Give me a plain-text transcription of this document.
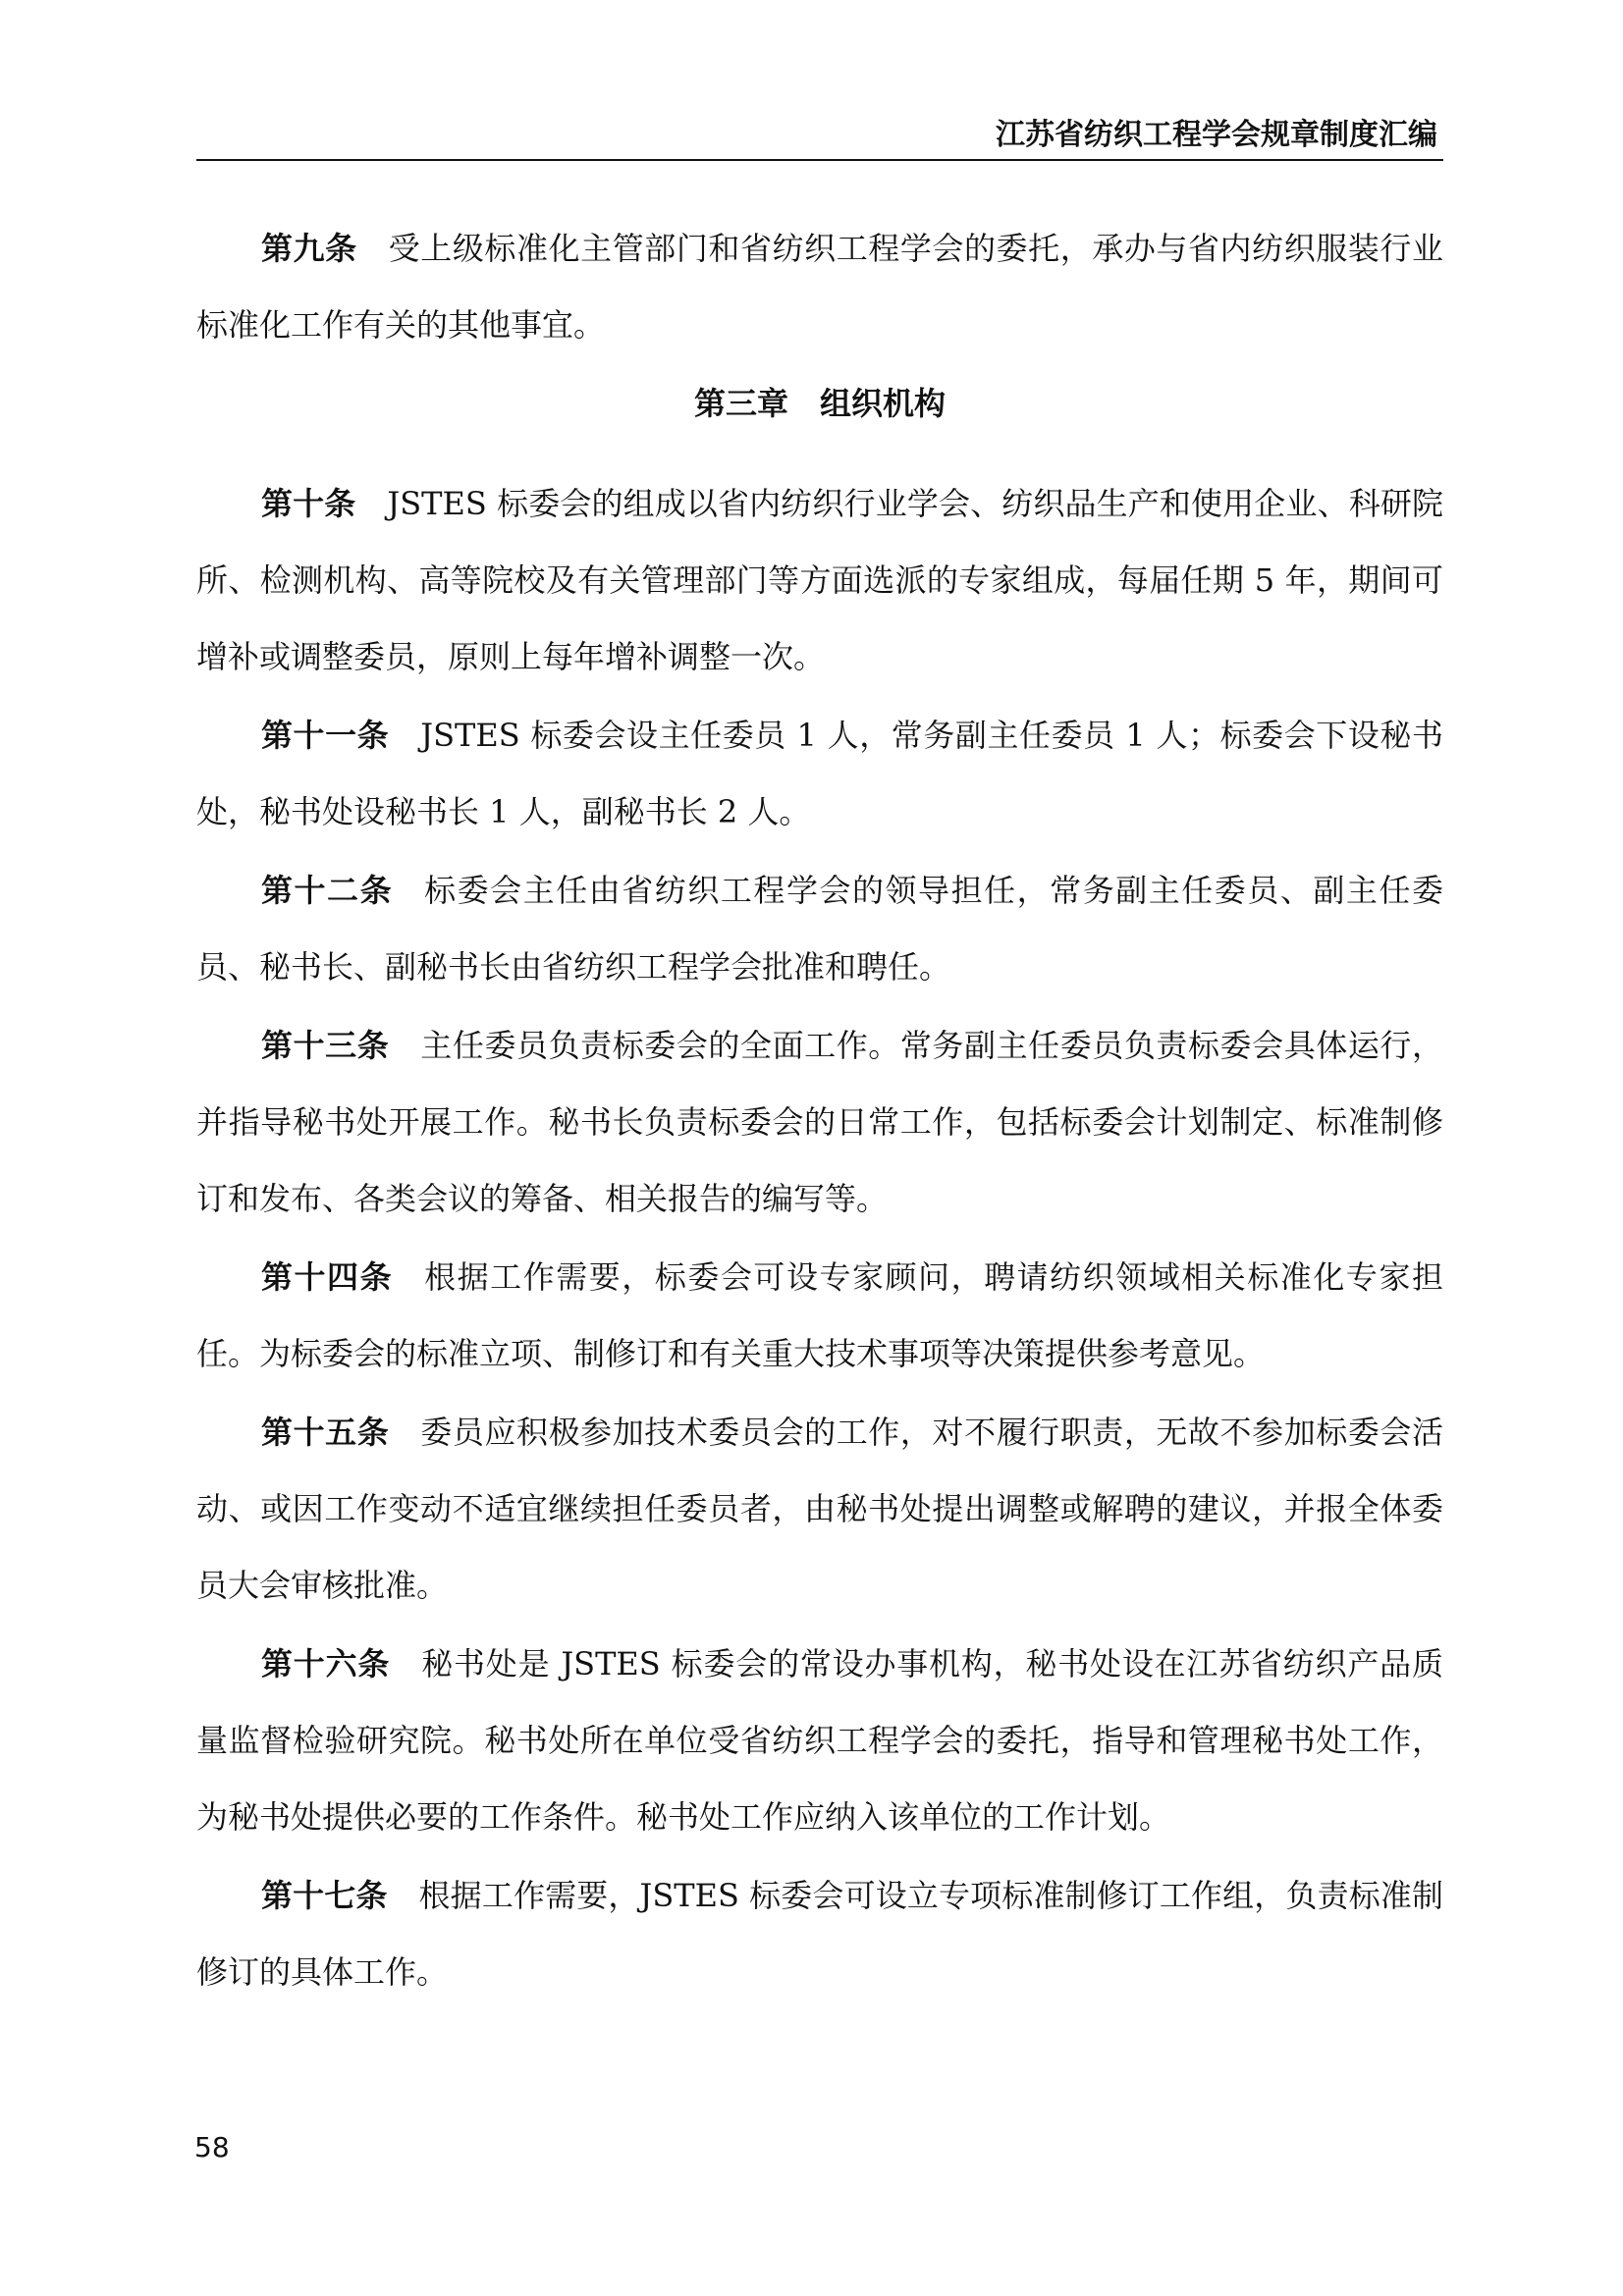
江苏省纺织工程学会规章制度汇编

第九条 受上级标准化主管部门和省纺织工程学会的委托，承办与省内纺织服装行业标准化工作有关的其他事宜。

第三章　组织机构

第十条 JSTES 标委会的组成以省内纺织行业学会、纺织品生产和使用企业、科研院所、检测机构、高等院校及有关管理部门等方面选派的专家组成，每届任期 5 年，期间可增补或调整委员，原则上每年增补调整一次。

第十一条 JSTES 标委会设主任委员 1 人，常务副主任委员 1 人；标委会下设秘书处，秘书处设秘书长 1 人，副秘书长 2 人。

第十二条 标委会主任由省纺织工程学会的领导担任，常务副主任委员、副主任委员、秘书长、副秘书长由省纺织工程学会批准和聘任。

第十三条 主任委员负责标委会的全面工作。常务副主任委员负责标委会具体运行，并指导秘书处开展工作。秘书长负责标委会的日常工作，包括标委会计划制定、标准制修订和发布、各类会议的筹备、相关报告的编写等。

第十四条 根据工作需要，标委会可设专家顾问，聘请纺织领域相关标准化专家担任。为标委会的标准立项、制修订和有关重大技术事项等决策提供参考意见。

第十五条 委员应积极参加技术委员会的工作，对不履行职责，无故不参加标委会活动、或因工作变动不适宜继续担任委员者，由秘书处提出调整或解聘的建议，并报全体委员大会审核批准。

第十六条 秘书处是 JSTES 标委会的常设办事机构，秘书处设在江苏省纺织产品质量监督检验研究院。秘书处所在单位受省纺织工程学会的委托，指导和管理秘书处工作，为秘书处提供必要的工作条件。秘书处工作应纳入该单位的工作计划。

第十七条 根据工作需要，JSTES 标委会可设立专项标准制修订工作组，负责标准制修订的具体工作。

58
